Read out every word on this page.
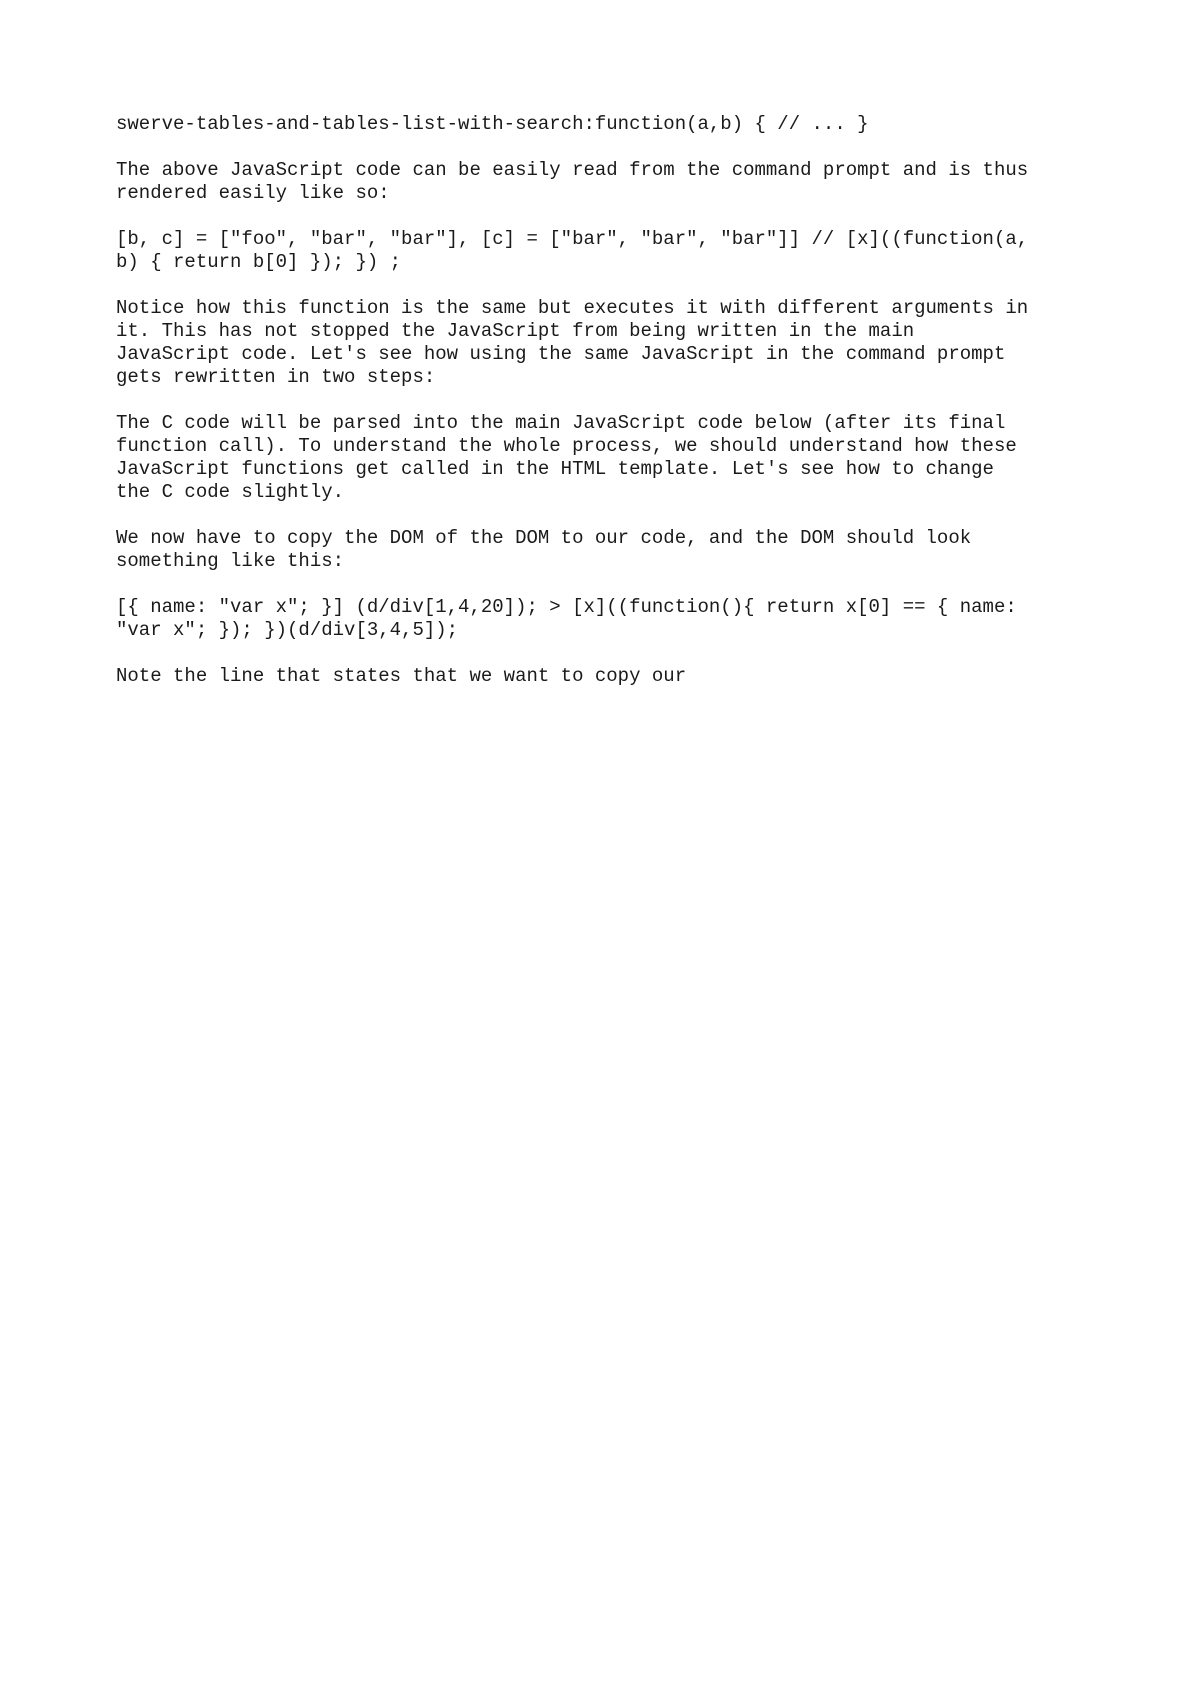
swerve-tables-and-tables-list-with-search:function(a,b) { // ... }

The above JavaScript code can be easily read from the command prompt and is thus
rendered easily like so:

[b, c] = ["foo", "bar", "bar"], [c] = ["bar", "bar", "bar"]] // [x]((function(a,
b) { return b[0] }); }) ;

Notice how this function is the same but executes it with different arguments in
it. This has not stopped the JavaScript from being written in the main
JavaScript code. Let's see how using the same JavaScript in the command prompt
gets rewritten in two steps:

The C code will be parsed into the main JavaScript code below (after its final
function call). To understand the whole process, we should understand how these
JavaScript functions get called in the HTML template. Let's see how to change
the C code slightly.

We now have to copy the DOM of the DOM to our code, and the DOM should look
something like this:

[{ name: "var x"; }] (d/div[1,4,20]); > [x]((function(){ return x[0] == { name:
"var x"; }); })(d/div[3,4,5]);

Note the line that states that we want to copy our
